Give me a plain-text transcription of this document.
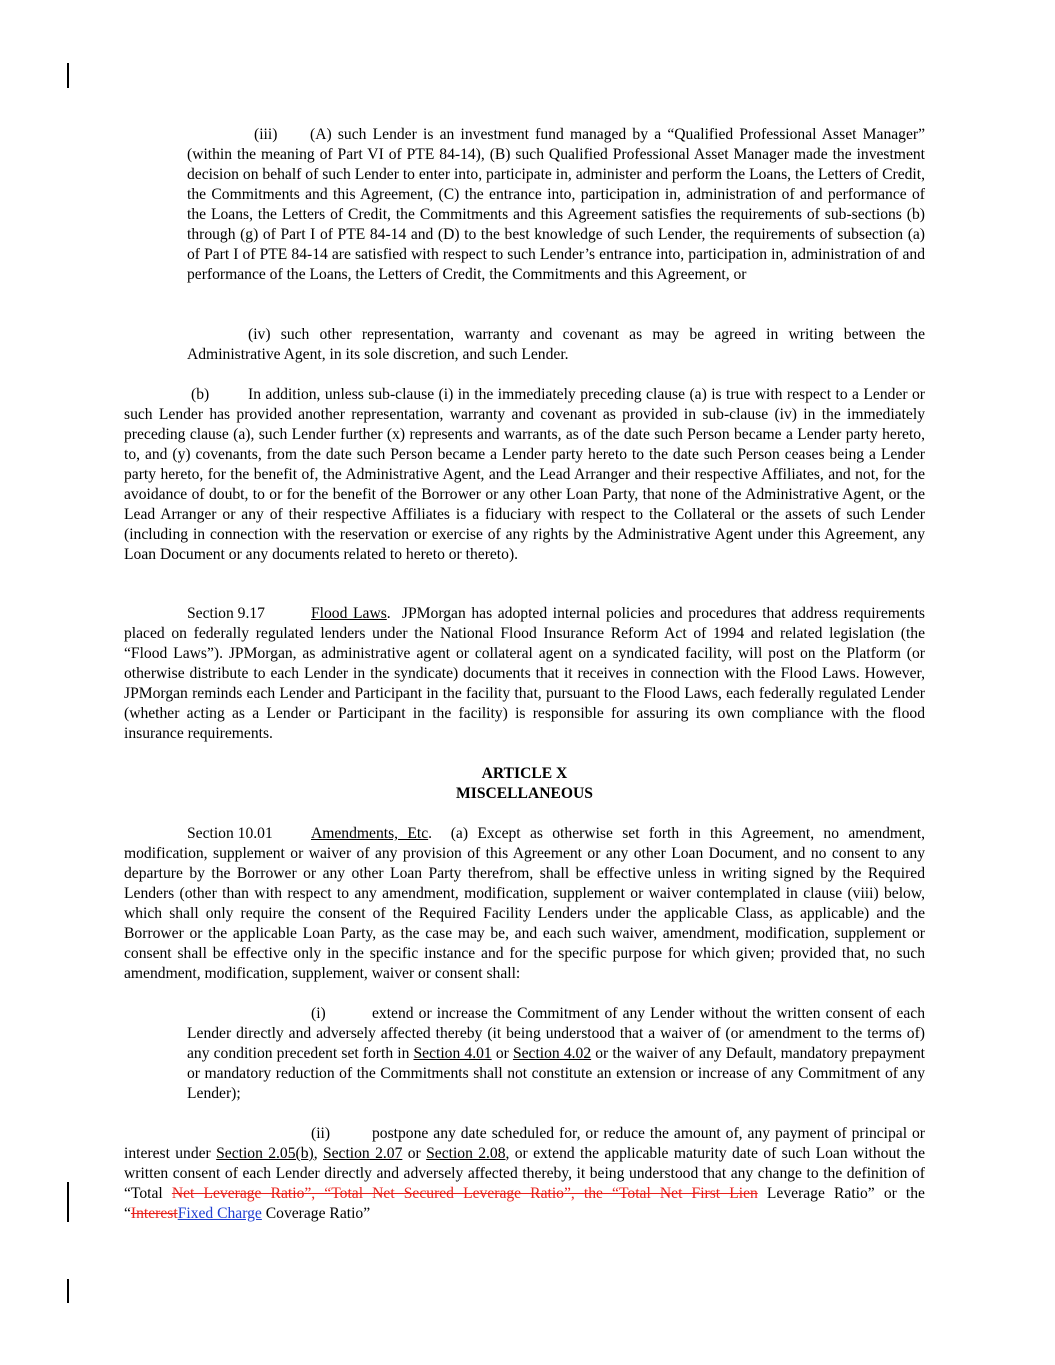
(iii) (A) such Lender is an investment fund managed by a “Qualified Professional Asset Manager” (within the meaning of Part VI of PTE 84-14), (B) such Qualified Professional Asset Manager made the investment decision on behalf of such Lender to enter into, participate in, administer and perform the Loans, the Letters of Credit, the Commitments and this Agreement, (C) the entrance into, participation in, administration of and performance of the Loans, the Letters of Credit, the Commitments and this Agreement satisfies the requirements of sub-sections (b) through (g) of Part I of PTE 84-14 and (D) to the best knowledge of such Lender, the requirements of subsection (a) of Part I of PTE 84-14 are satisfied with respect to such Lender’s entrance into, participation in, administration of and performance of the Loans, the Letters of Credit, the Commitments and this Agreement, or

(iv) such other representation, warranty and covenant as may be agreed in writing between the Administrative Agent, in its sole discretion, and such Lender.

(b) In addition, unless sub-clause (i) in the immediately preceding clause (a) is true with respect to a Lender or such Lender has provided another representation, warranty and covenant as provided in sub-clause (iv) in the immediately preceding clause (a), such Lender further (x) represents and warrants, as of the date such Person became a Lender party hereto, to, and (y) covenants, from the date such Person became a Lender party hereto to the date such Person ceases being a Lender party hereto, for the benefit of, the Administrative Agent, and the Lead Arranger and their respective Affiliates, and not, for the avoidance of doubt, to or for the benefit of the Borrower or any other Loan Party, that none of the Administrative Agent, or the Lead Arranger or any of their respective Affiliates is a fiduciary with respect to the Collateral or the assets of such Lender (including in connection with the reservation or exercise of any rights by the Administrative Agent under this Agreement, any Loan Document or any documents related to hereto or thereto).

Section 9.17	Flood Laws.  JPMorgan has adopted internal policies and procedures that address requirements placed on federally regulated lenders under the National Flood Insurance Reform Act of 1994 and related legislation (the “Flood Laws”). JPMorgan, as administrative agent or collateral agent on a syndicated facility, will post on the Platform (or otherwise distribute to each Lender in the syndicate) documents that it receives in connection with the Flood Laws. However, JPMorgan reminds each Lender and Participant in the facility that, pursuant to the Flood Laws, each federally regulated Lender (whether acting as a Lender or Participant in the facility) is responsible for assuring its own compliance with the flood insurance requirements.

ARTICLE X
MISCELLANEOUS

Section 10.01 Amendments, Etc.  (a) Except as otherwise set forth in this Agreement, no amendment, modification, supplement or waiver of any provision of this Agreement or any other Loan Document, and no consent to any departure by the Borrower or any other Loan Party therefrom, shall be effective unless in writing signed by the Required Lenders (other than with respect to any amendment, modification, supplement or waiver contemplated in clause (viii) below, which shall only require the consent of the Required Facility Lenders under the applicable Class, as applicable) and the Borrower or the applicable Loan Party, as the case may be, and each such waiver, amendment, modification, supplement or consent shall be effective only in the specific instance and for the specific purpose for which given; provided that, no such amendment, modification, supplement, waiver or consent shall:

(i)	extend or increase the Commitment of any Lender without the written consent of each Lender directly and adversely affected thereby (it being understood that a waiver of (or amendment to the terms of) any condition precedent set forth in Section 4.01 or Section 4.02 or the waiver of any Default, mandatory prepayment or mandatory reduction of the Commitments shall not constitute an extension or increase of any Commitment of any Lender);

(ii)	postpone any date scheduled for, or reduce the amount of, any payment of principal or interest under Section 2.05(b), Section 2.07 or Section 2.08, or extend the applicable maturity date of such Loan without the written consent of each Lender directly and adversely affected thereby, it being understood that any change to the definition of “Total Net Leverage Ratio”, “Total Net Secured Leverage Ratio”, the “Total Net First Lien Leverage Ratio” or the “InterestFixed Charge Coverage Ratio”
